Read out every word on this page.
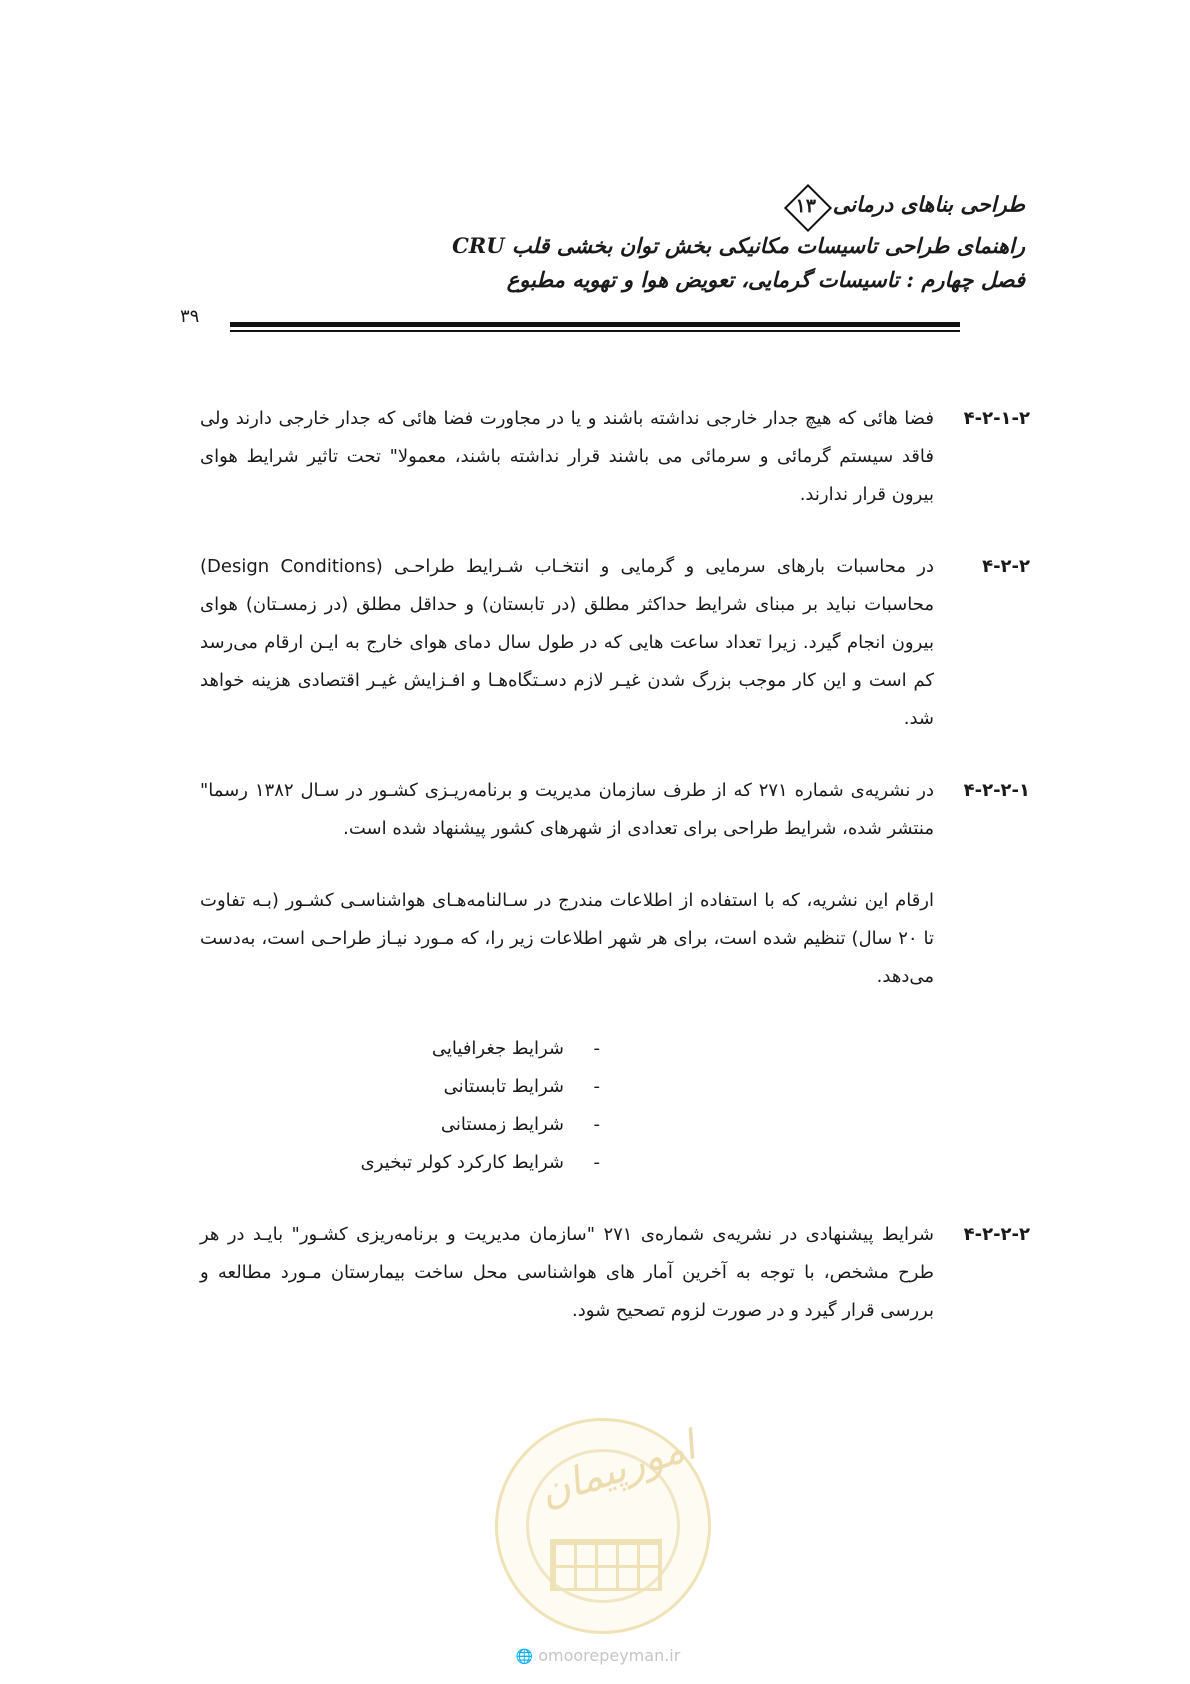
طراحی بناهای درمانی
۱۳
راهنمای طراحی تاسیسات مکانیکی بخش توان بخشی قلب CRU
فصل چهارم : تاسیسات گرمایی، تعویض هوا و تهویه مطبوع
۳۹
۴-۲-۱-۲
فضا هائی که هیچ جدار خارجی نداشته باشند و یا در مجاورت فضا هائی که جدار خارجی دارند ولی فاقد سیستم گرمائی و سرمائی می باشند قرار نداشته باشند، معمولا" تحت تاثیر شرایط هوای بیرون قرار ندارند.
۴-۲-۲
در محاسبات بارهای سرمایی و گرمایی و انتخـاب شـرایط طراحـی (Design Conditions) محاسبات نباید بر مبنای شرایط حداکثر مطلق (در تابستان) و حداقل مطلق (در زمسـتان) هوای بیرون انجام گیرد. زیرا تعداد ساعت هایی که در طول سال دمای هوای خارج به ایـن ارقام می‌رسد کم است و این کار موجب بزرگ شدن غیـر لازم دسـتگاه‌هـا و افـزایش غیـر اقتصادی هزینه خواهد شد.
۴-۲-۲-۱
در نشریه‌ی شماره ۲۷۱ که از طرف سازمان مدیریت و برنامه‌ریـزی کشـور در سـال ۱۳۸۲ رسما" منتشر شده، شرایط طراحی برای تعدادی از شهرهای کشور پیشنهاد شده است.
ارقام این نشریه، که با استفاده از اطلاعات مندرج در سـالنامه‌هـای هواشناسـی کشـور (بـه تفاوت تا ۲۰ سال) تنظیم شده است، برای هر شهر اطلاعات زیر را، که مـورد نیـاز طراحـی است، به‌دست می‌دهد.
-
شرایط جغرافیایی
-
شرایط تابستانی
-
شرایط زمستانی
-
شرایط کارکرد کولر تبخیری
۴-۲-۲-۲
شرایط پیشنهادی در نشریه‌ی شماره‌ی ۲۷۱ "سازمان مدیریت و برنامه‌ریزی کشـور" بایـد در هر طرح مشخص، با توجه به آخرین آمار های هواشناسی محل ساخت بیمارستان مـورد مطالعه و بررسی قرار گیرد و در صورت لزوم تصحیح شود.
امورپیمان
🌐 omoorepeyman.ir
